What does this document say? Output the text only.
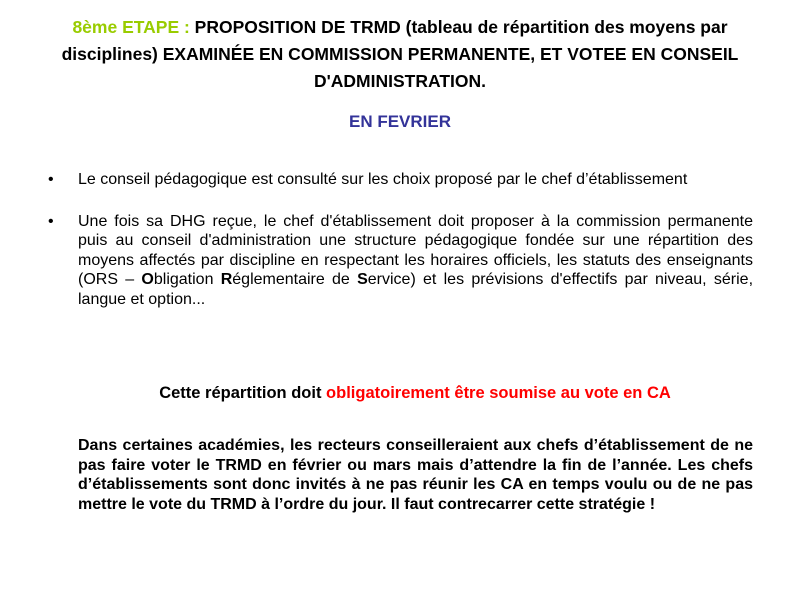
8ème ETAPE : PROPOSITION DE TRMD (tableau de répartition des moyens par disciplines) EXAMINÉE EN COMMISSION PERMANENTE, ET VOTEE EN CONSEIL D'ADMINISTRATION.
EN FEVRIER
•	Le conseil pédagogique est consulté sur les choix proposé par le chef d’établissement
•	Une fois sa DHG reçue, le chef d'établissement doit proposer à la commission permanente puis au conseil d'administration une structure pédagogique fondée sur une répartition des moyens affectés par discipline en respectant les horaires officiels, les statuts des enseignants (ORS – Obligation Réglementaire de Service) et les prévisions d'effectifs par niveau, série, langue et option...
Cette répartition doit obligatoirement être soumise au vote en CA
Dans certaines académies, les recteurs conseilleraient aux chefs d’établissement de ne pas faire voter le TRMD en février ou mars mais d’attendre la fin de l’année. Les chefs d’établissements sont donc invités à ne pas réunir les CA en temps voulu ou de ne pas mettre le vote du TRMD à l’ordre du jour. Il faut contrecarrer cette stratégie !
